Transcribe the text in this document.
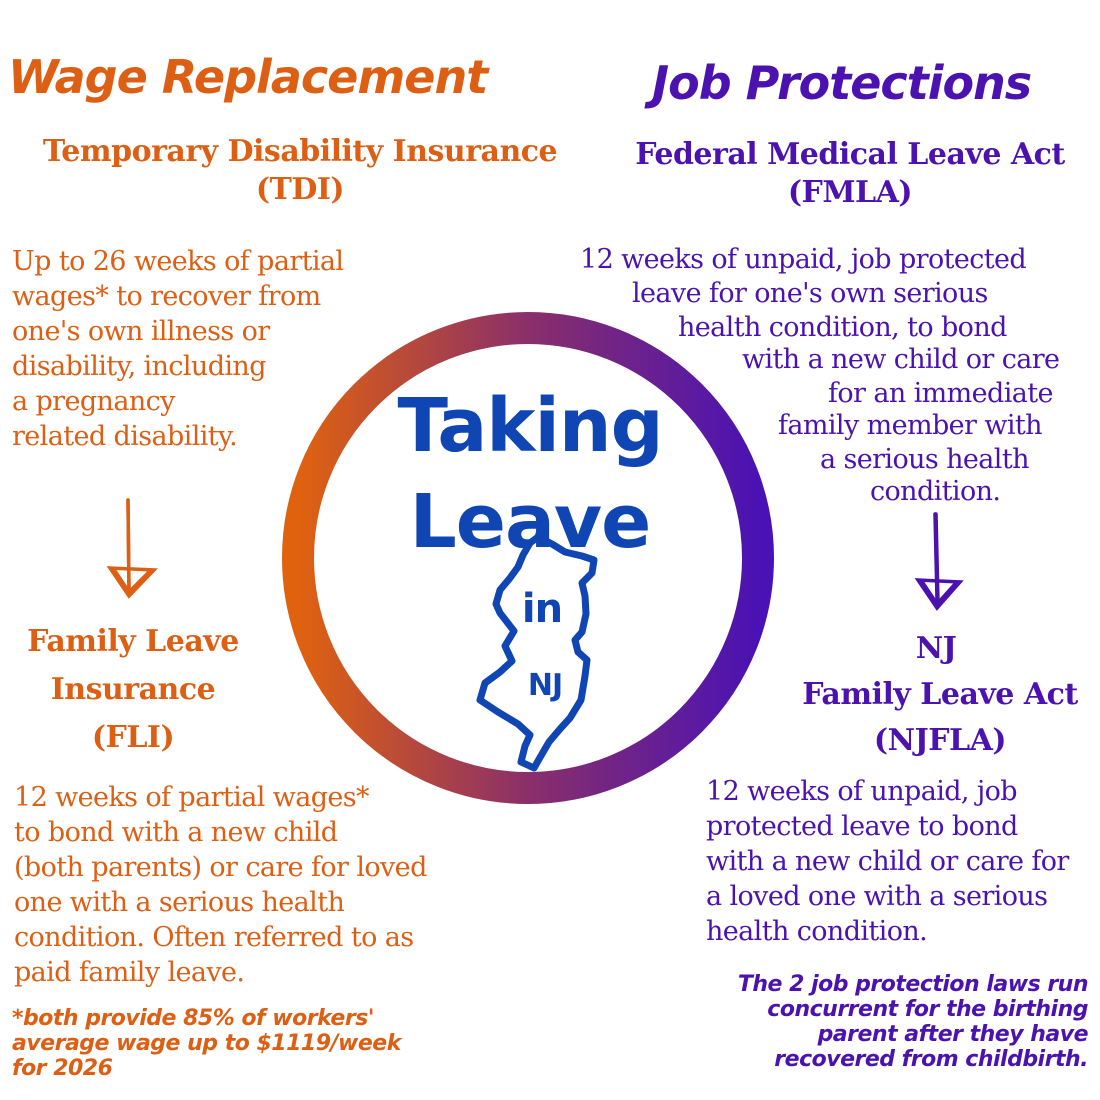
Wage Replacement	Job Protections
Temporary Disability Insurance
(TDI)
Up to 26 weeks of partial
wages* to recover from
one's own illness or
disability, including
a pregnancy
related disability.
Federal Medical Leave Act
(FMLA)
12 weeks of unpaid, job protected
leave for one's own serious
health condition, to bond
with a new child or care
for an immediate
family member with
a serious health
condition.
Taking
Leave
in
NJ
Family Leave
Insurance
(FLI)
12 weeks of partial wages*
to bond with a new child
(both parents) or care for loved
one with a serious health
condition. Often referred to as
paid family leave.
*both provide 85% of workers'
average wage up to $1119/week
for 2026
NJ
Family Leave Act
(NJFLA)
12 weeks of unpaid, job
protected leave to bond
with a new child or care for
a loved one with a serious
health condition.
The 2 job protection laws run
concurrent for the birthing
parent after they have
recovered from childbirth.
